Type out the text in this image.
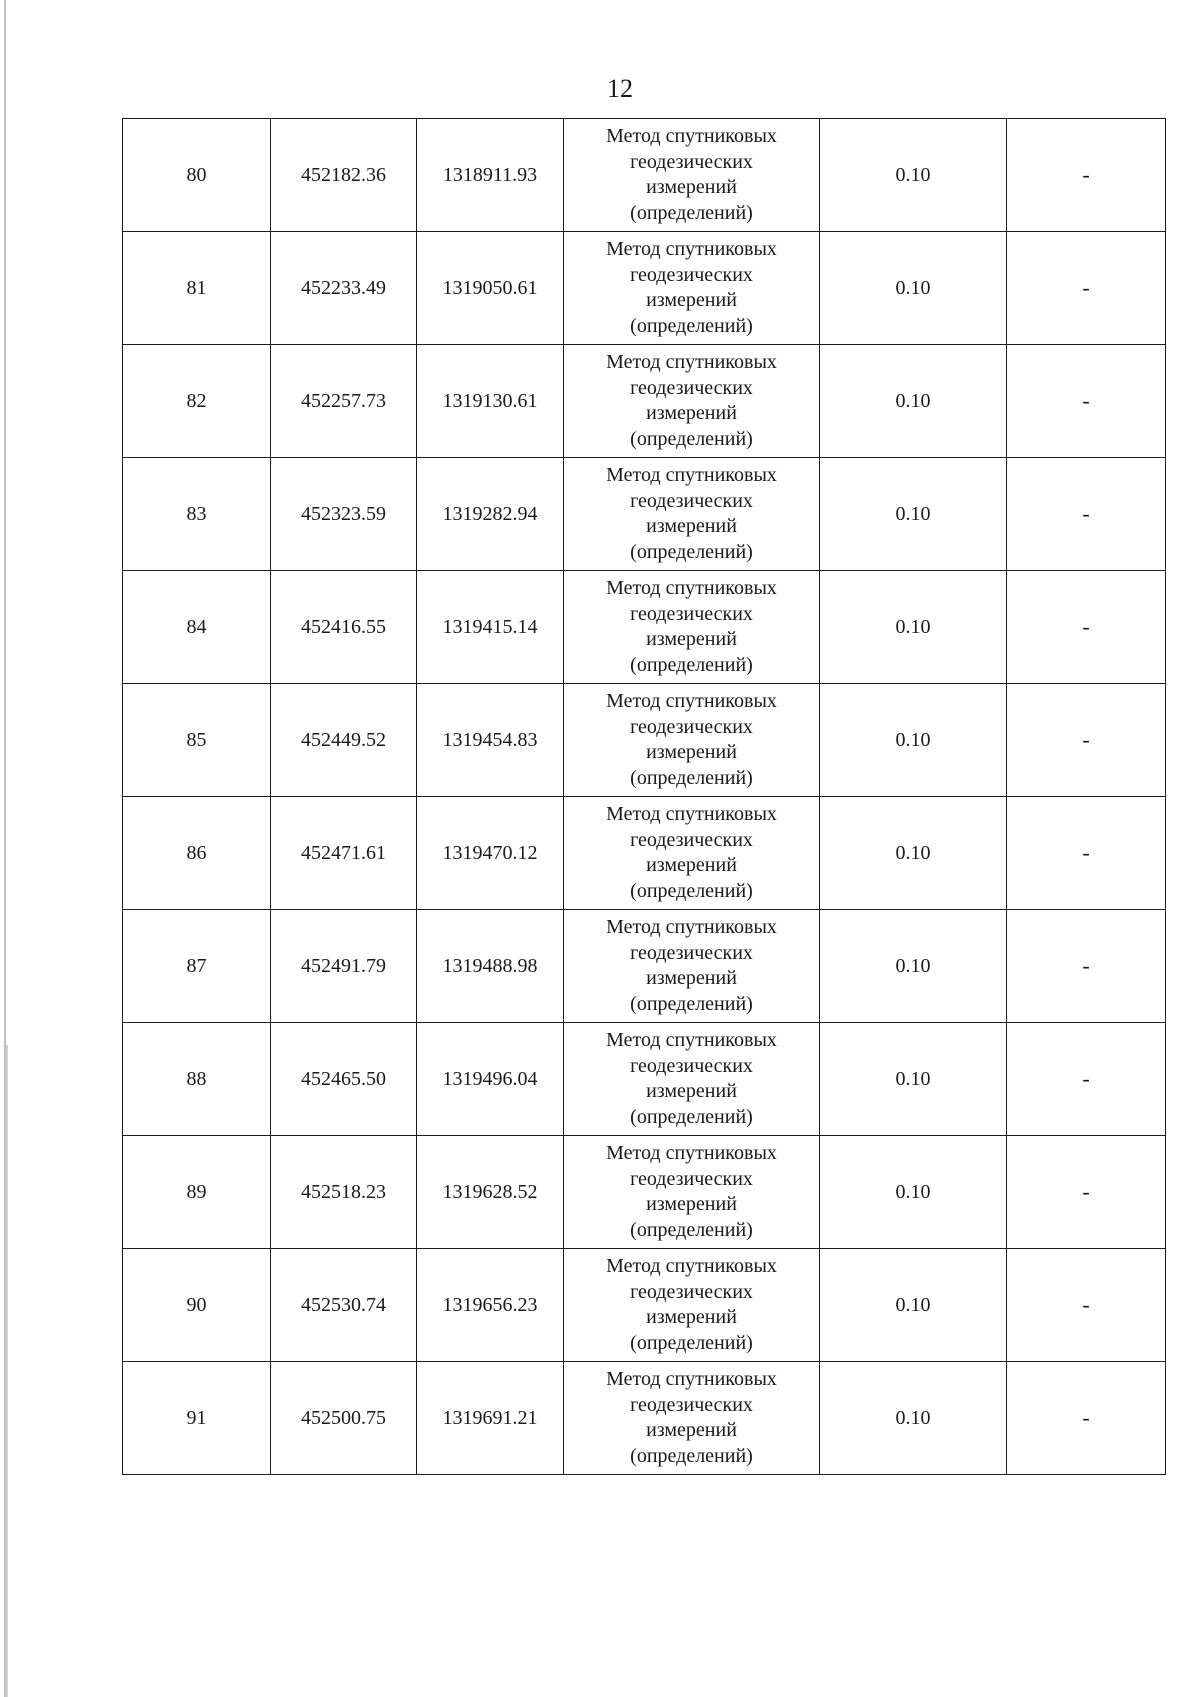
12
80	452182.36	1318911.93	Метод спутниковых
геодезических
измерений
(определений)	0.10	-
81	452233.49	1319050.61	Метод спутниковых
геодезических
измерений
(определений)	0.10	-
82	452257.73	1319130.61	Метод спутниковых
геодезических
измерений
(определений)	0.10	-
83	452323.59	1319282.94	Метод спутниковых
геодезических
измерений
(определений)	0.10	-
84	452416.55	1319415.14	Метод спутниковых
геодезических
измерений
(определений)	0.10	-
85	452449.52	1319454.83	Метод спутниковых
геодезических
измерений
(определений)	0.10	-
86	452471.61	1319470.12	Метод спутниковых
геодезических
измерений
(определений)	0.10	-
87	452491.79	1319488.98	Метод спутниковых
геодезических
измерений
(определений)	0.10	-
88	452465.50	1319496.04	Метод спутниковых
геодезических
измерений
(определений)	0.10	-
89	452518.23	1319628.52	Метод спутниковых
геодезических
измерений
(определений)	0.10	-
90	452530.74	1319656.23	Метод спутниковых
геодезических
измерений
(определений)	0.10	-
91	452500.75	1319691.21	Метод спутниковых
геодезических
измерений
(определений)	0.10	-
